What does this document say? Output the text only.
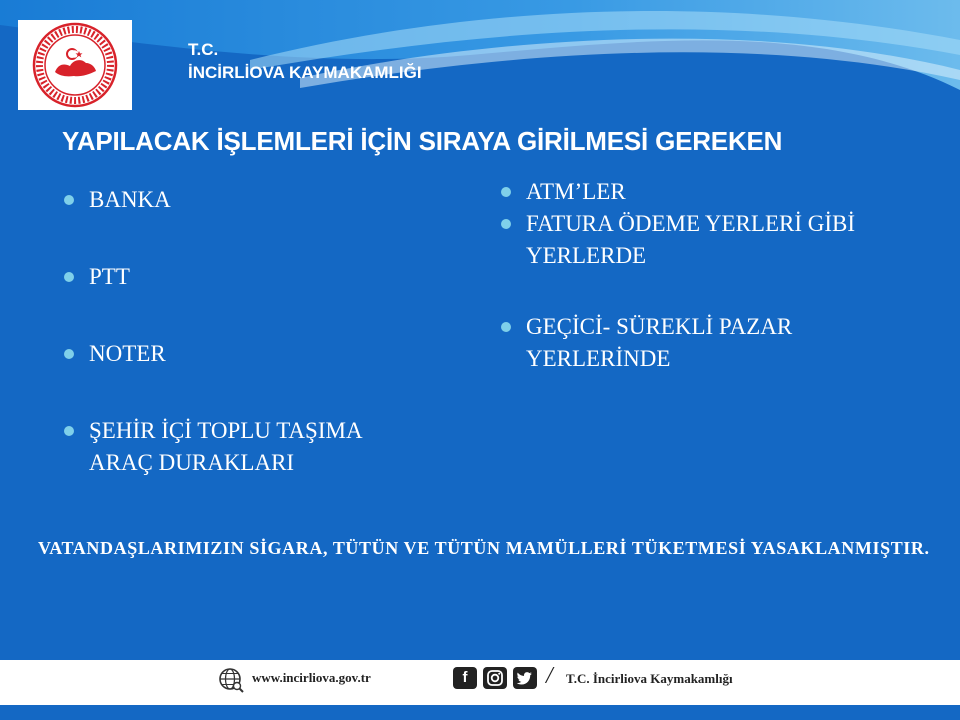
T.C.
İNCİRLİOVA KAYMAKAMLIĞI
YAPILACAK İŞLEMLERİ İÇİN SIRAYA GİRİLMESİ GEREKEN
BANKA
PTT
NOTER
ŞEHİR İÇİ TOPLU TAŞIMA
ARAÇ DURAKLARI
ATM’LER
FATURA ÖDEME YERLERİ GİBİ
YERLERDE
GEÇİCİ- SÜREKLİ PAZAR
YERLERİNDE
VATANDAŞLARIMIZIN SİGARA, TÜTÜN VE TÜTÜN MAMÜLLERİ TÜKETMESİ YASAKLANMIŞTIR.
www.incirliova.gov.tr	f	/ T.C. İncirliova Kaymakamlığı
